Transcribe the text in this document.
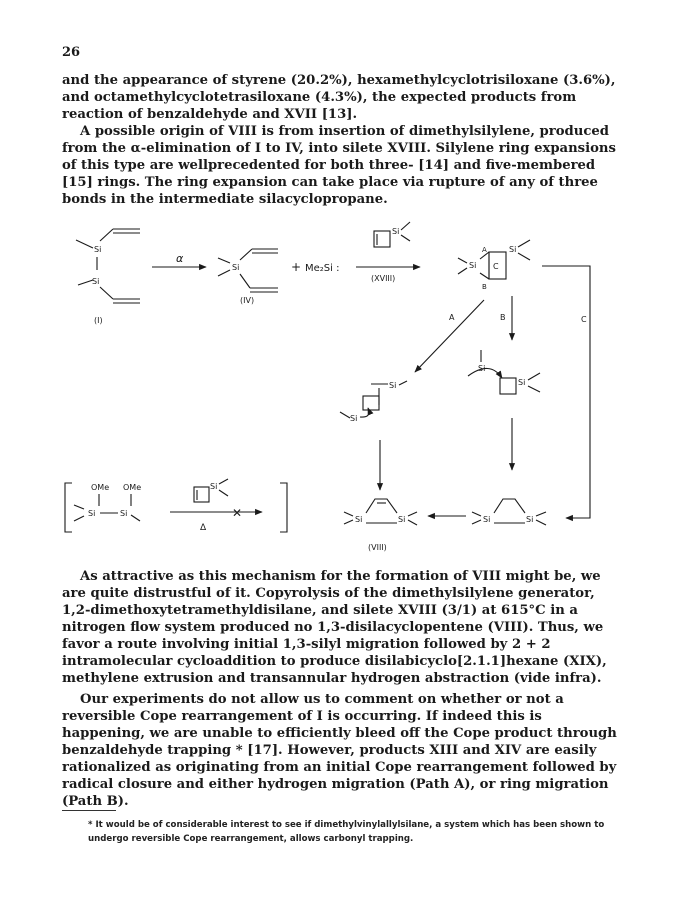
26

and the appearance of styrene (20.2%), hexamethylcyclotrisiloxane (3.6%), and octamethylcyclotetrasiloxane (4.3%), the expected products from reaction of benzaldehyde and XVII [13].

A possible origin of VIII is from insertion of dimethylsilylene, produced from the α-elimination of I to IV, into silete XVIII. Silylene ring expansions of this type are wellprecedented for both three- [14] and five-membered [15] rings. The ring expansion can take place via rupture of any of three bonds in the intermediate silacyclopropane.

Si
Si
(I)
α
Si
(IV)
+ Me₂Si :
Si
(XVIII)
Si
A
B
C
Si
C
A	B
Si
Si
Si
Si
Si	Si
(VIII)
Si	Si
OMe OMe
Si	Si
Si
✕
Δ

As attractive as this mechanism for the formation of VIII might be, we are quite distrustful of it. Copyrolysis of the dimethylsilylene generator, 1,2-dimethoxytetramethyldisilane, and silete XVIII (3/1) at 615°C in a nitrogen flow system produced no 1,3-disilacyclopentene (VIII). Thus, we favor a route involving initial 1,3-silyl migration followed by 2 + 2 intramolecular cycloaddition to produce disilabicyclo[2.1.1]hexane (XIX), methylene extrusion and transannular hydrogen abstraction (vide infra).

Our experiments do not allow us to comment on whether or not a reversible Cope rearrangement of I is occurring. If indeed this is happening, we are unable to efficiently bleed off the Cope product through benzaldehyde trapping * [17]. However, products XIII and XIV are easily rationalized as originating from an initial Cope rearrangement followed by radical closure and either hydrogen migration (Path A), or ring migration (Path B).

* It would be of considerable interest to see if dimethylvinylallylsilane, a system which has been shown to undergo reversible Cope rearrangement, allows carbonyl trapping.
